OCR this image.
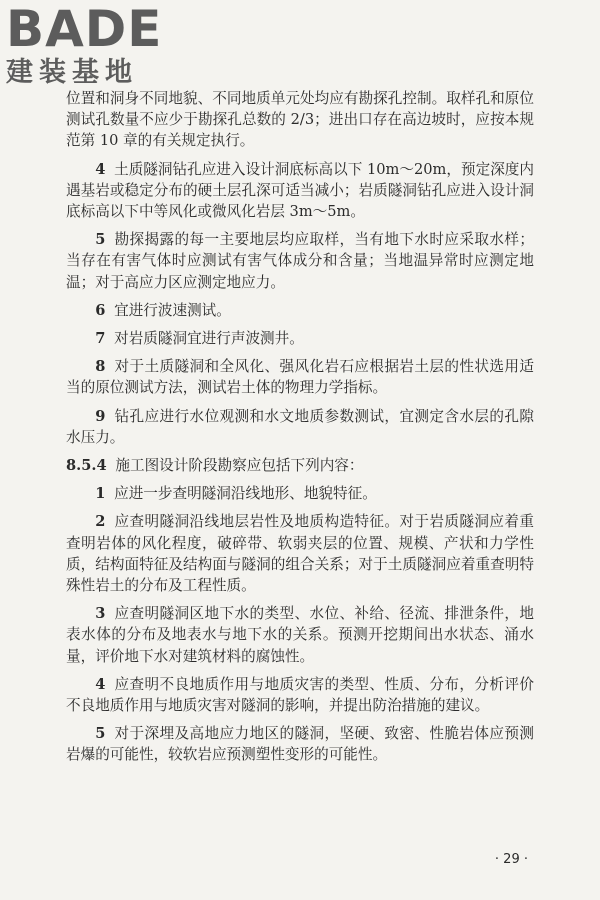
BADE
建装基地

位置和洞身不同地貌、不同地质单元处均应有勘探孔控制。取样孔和原位测试孔数量不应少于勘探孔总数的 2/3；进出口存在高边坡时，应按本规范第 10 章的有关规定执行。

4 土质隧洞钻孔应进入设计洞底标高以下 10m～20m，预定深度内遇基岩或稳定分布的硬土层孔深可适当减小；岩质隧洞钻孔应进入设计洞底标高以下中等风化或微风化岩层 3m～5m。

5 勘探揭露的每一主要地层均应取样，当有地下水时应采取水样；当存在有害气体时应测试有害气体成分和含量；当地温异常时应测定地温；对于高应力区应测定地应力。

6 宜进行波速测试。

7 对岩质隧洞宜进行声波测井。

8 对于土质隧洞和全风化、强风化岩石应根据岩土层的性状选用适当的原位测试方法，测试岩土体的物理力学指标。

9 钻孔应进行水位观测和水文地质参数测试，宜测定含水层的孔隙水压力。

8.5.4 施工图设计阶段勘察应包括下列内容：

1 应进一步查明隧洞沿线地形、地貌特征。

2 应查明隧洞沿线地层岩性及地质构造特征。对于岩质隧洞应着重查明岩体的风化程度，破碎带、软弱夹层的位置、规模、产状和力学性质，结构面特征及结构面与隧洞的组合关系；对于土质隧洞应着重查明特殊性岩土的分布及工程性质。

3 应查明隧洞区地下水的类型、水位、补给、径流、排泄条件，地表水体的分布及地表水与地下水的关系。预测开挖期间出水状态、涌水量，评价地下水对建筑材料的腐蚀性。

4 应查明不良地质作用与地质灾害的类型、性质、分布，分析评价不良地质作用与地质灾害对隧洞的影响，并提出防治措施的建议。

5 对于深埋及高地应力地区的隧洞，坚硬、致密、性脆岩体应预测岩爆的可能性，较软岩应预测塑性变形的可能性。

· 29 ·
